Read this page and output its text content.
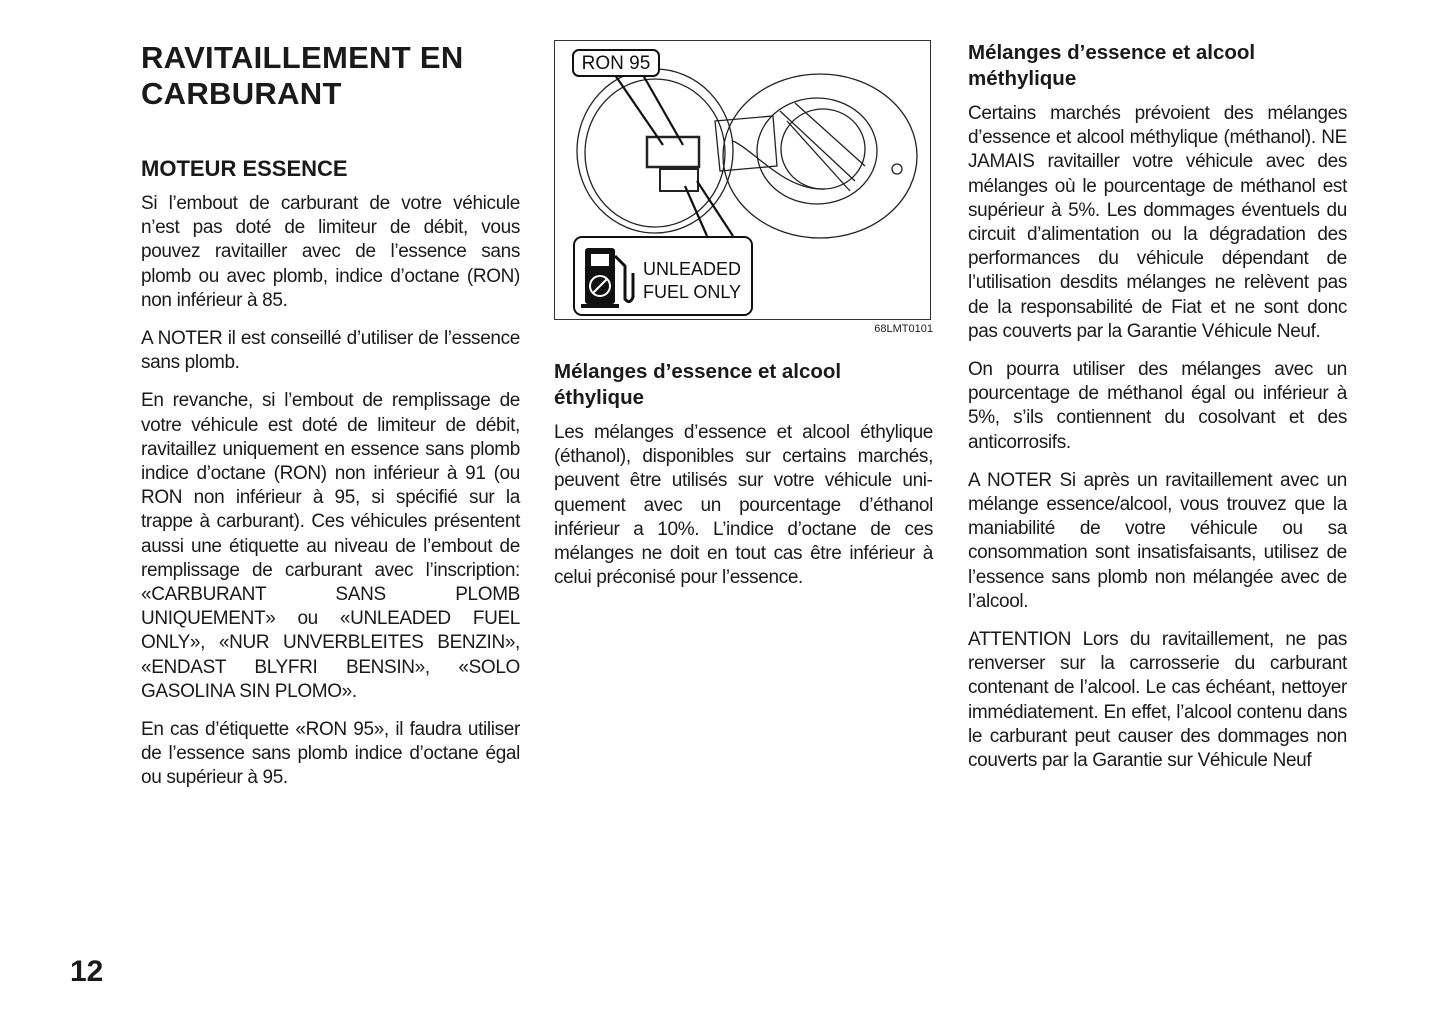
RAVITAILLEMENT EN CARBURANT
MOTEUR ESSENCE

Si l’embout de carburant de votre véhicule n’est pas doté de limiteur de débit, vous pouvez ravitailler avec de l’essence sans plomb ou avec plomb, indice d’octane (RON) non inférieur à 85.

A NOTER il est conseillé d’utiliser de l’essence sans plomb.

En revanche, si l’embout de remplissage de votre véhicule est doté de limiteur de débit, ravitaillez uniquement en essence sans plomb indice d’octane (RON) non inférieur à 91 (ou RON non inférieur à 95, si spécifié sur la trappe à carburant). Ces véhicules présentent aussi une étiquette au niveau de l’embout de remplissage de carburant avec l’inscription: «CARBURANT SANS PLOMB UNIQUEMENT» ou «UNLEADED FUEL ONLY», «NUR UNVERBLEITES BENZIN», «ENDAST BLYFRI BENSIN», «SOLO GASOLINA SIN PLOMO».

En cas d’étiquette «RON 95», il faudra utiliser de l’essence sans plomb indice d’octane égal ou supérieur à 95.

RON 95
UNLEADED
FUEL ONLY
68LMT0101
Mélanges d’essence et alcool éthylique

Les mélanges d’essence et alcool éthylique (éthanol), disponibles sur certains marchés, peuvent être utilisés sur votre véhicule uniquement avec un pourcentage d’éthanol inférieur a 10%. L’indice d’octane de ces mélanges ne doit en tout cas être inférieur à celui préconisé pour l’essence.

Mélanges d’essence et alcool méthylique

Certains marchés prévoient des mélanges d’essence et alcool méthylique (méthanol). NE JAMAIS ravitailler votre véhicule avec des mélanges où le pourcentage de méthanol est supérieur à 5%. Les dommages éventuels du circuit d’alimentation ou la dégradation des performances du véhicule dépendant de l’utilisation desdits mélanges ne relèvent pas de la responsabilité de Fiat et ne sont donc pas couverts par la Garantie Véhicule Neuf.

On pourra utiliser des mélanges avec un pourcentage de méthanol égal ou inférieur à 5%, s’ils contiennent du cosolvant et des anticorrosifs.

A NOTER Si après un ravitaillement avec un mélange essence/alcool, vous trouvez que la maniabilité de votre véhicule ou sa consommation sont insatisfaisants, utilisez de l’essence sans plomb non mélangée avec de l’alcool.

ATTENTION Lors du ravitaillement, ne pas renverser sur la carrosserie du carburant contenant de l’alcool. Le cas échéant, nettoyer immédiatement. En effet, l’alcool contenu dans le carburant peut causer des dommages non couverts par la Garantie sur Véhicule Neuf

12
